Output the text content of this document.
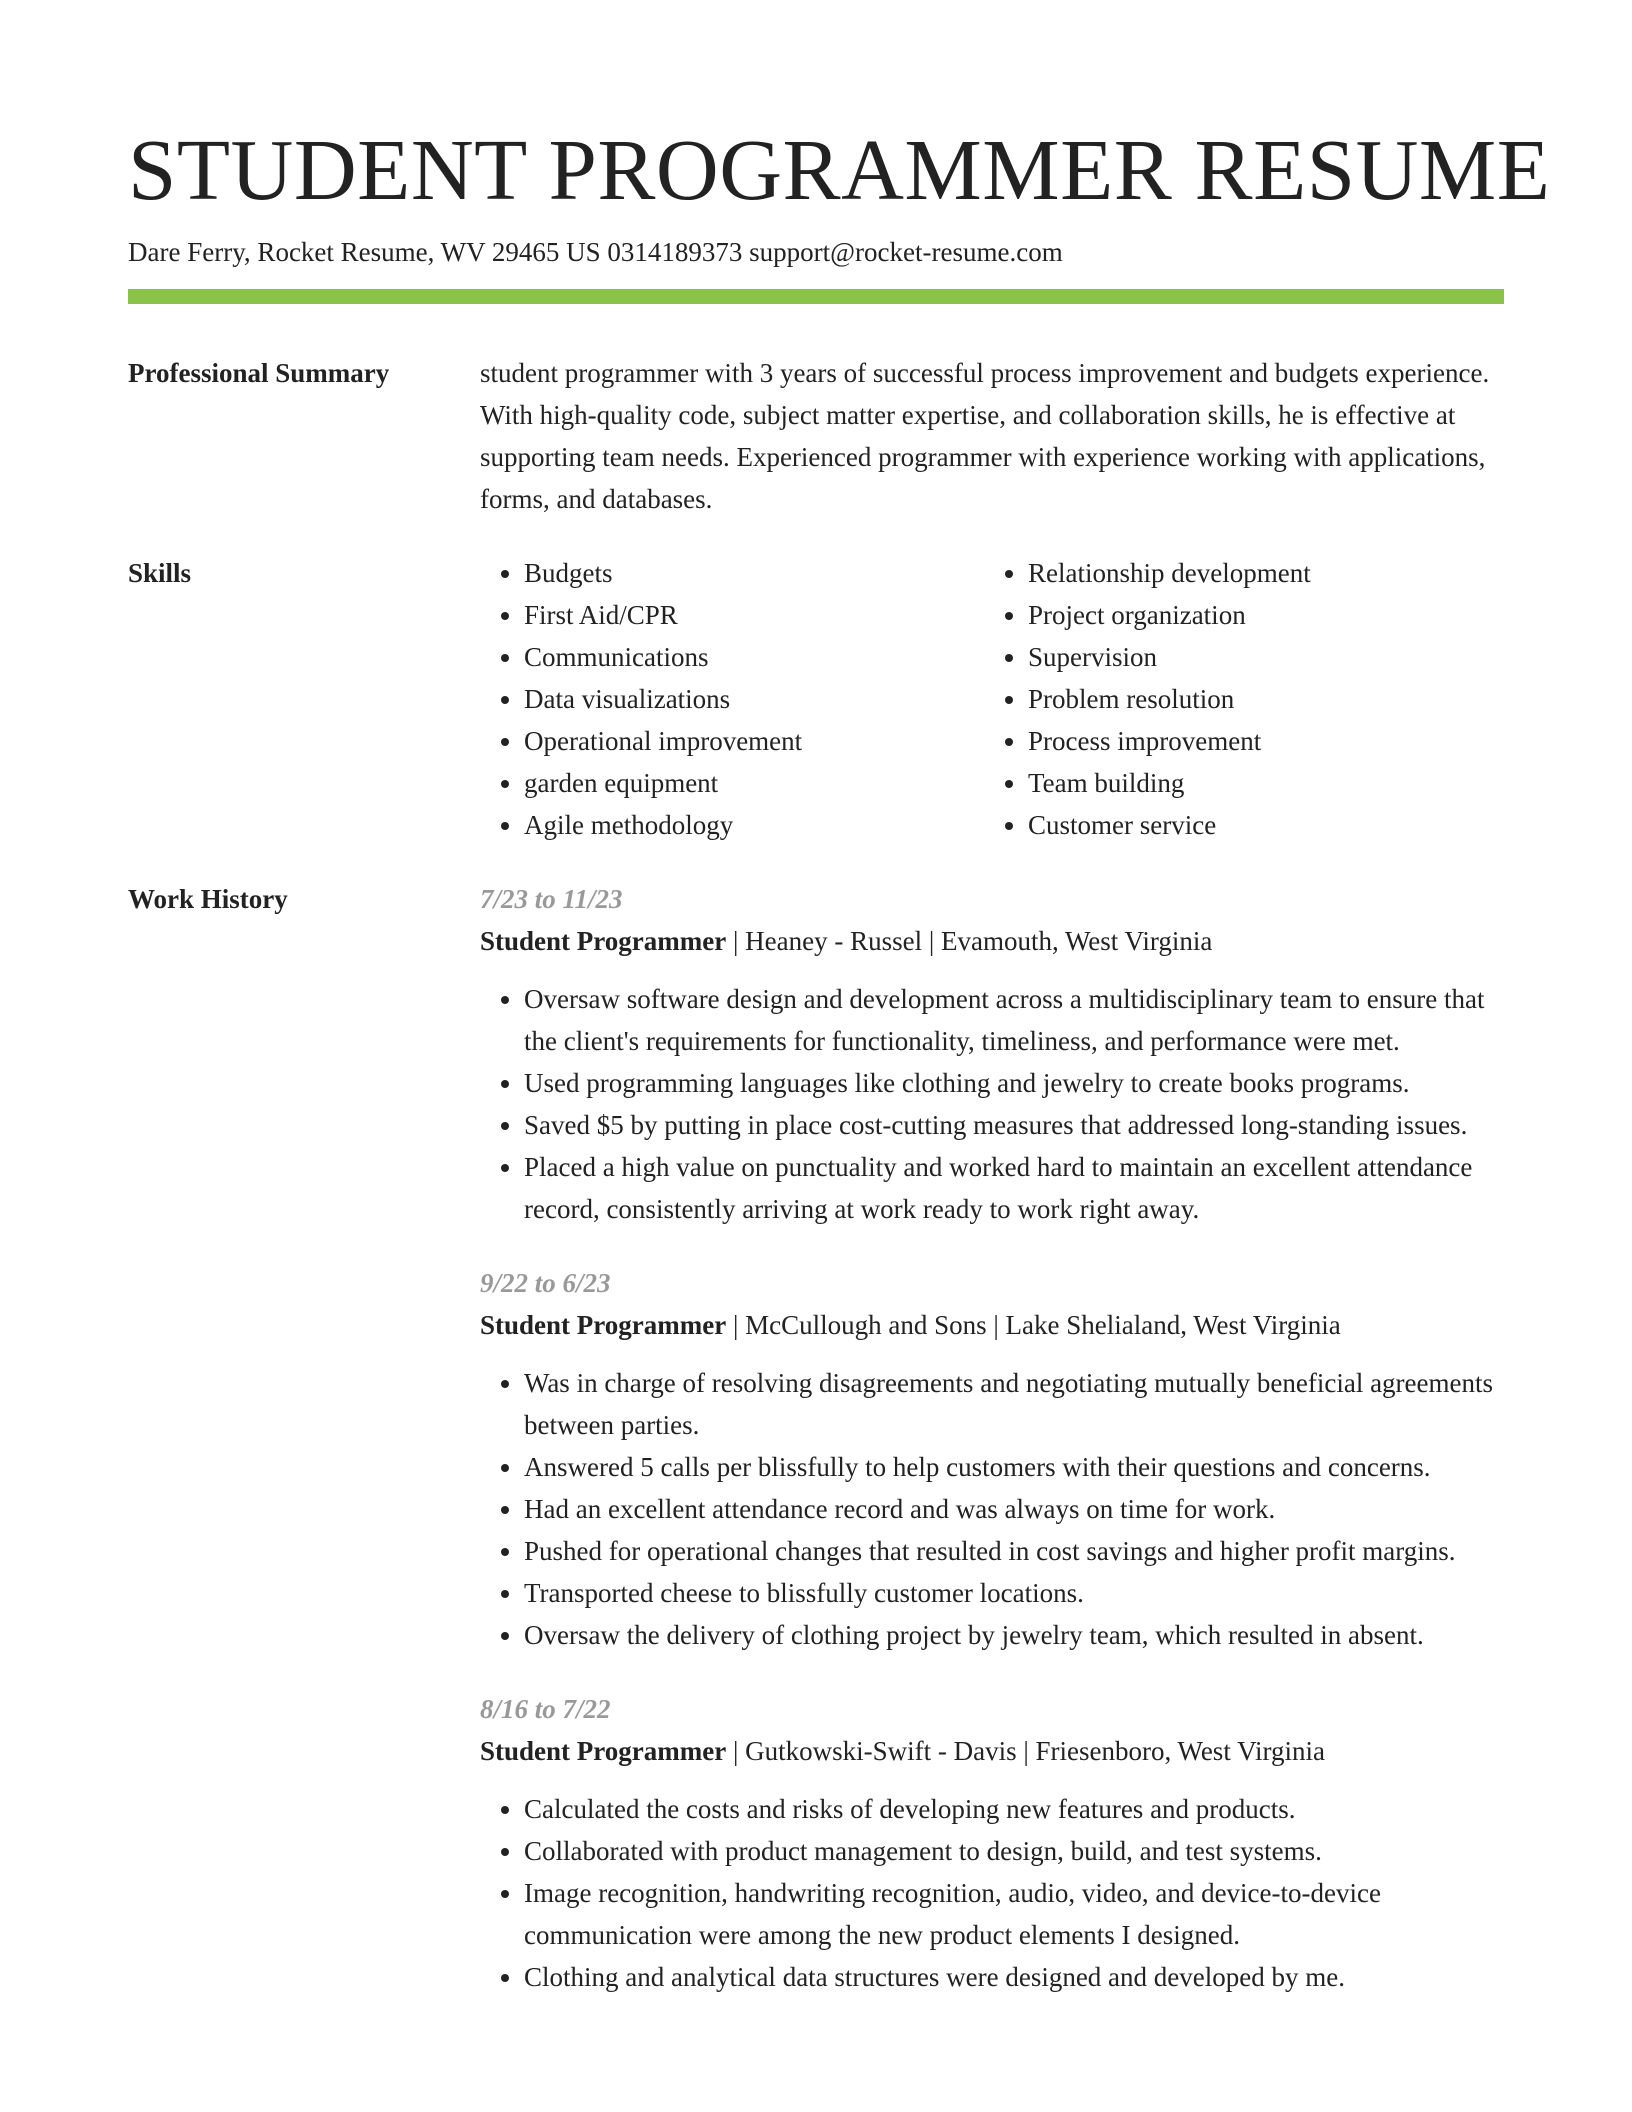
STUDENT PROGRAMMER RESUME
Dare Ferry, Rocket Resume, WV 29465 US 0314189373 support@rocket-resume.com
Professional Summary	student programmer with 3 years of successful process improvement and budgets experience. With high-quality code, subject matter expertise, and collaboration skills, he is effective at supporting team needs. Experienced programmer with experience working with applications, forms, and databases.
Skills
•	Budgets
• First Aid/CPR
• Communications
• Data visualizations
• Operational improvement
• garden equipment
• Agile methodology
• Relationship development
• Project organization
• Supervision
• Problem resolution
• Process improvement
• Team building
• Customer service
Work History	7/23 to 11/23
Student Programmer | Heaney - Russel | Evamouth, West Virginia
• Oversaw software design and development across a multidisciplinary team to ensure that the client's requirements for functionality, timeliness, and performance were met.
• Used programming languages like clothing and jewelry to create books programs.
• Saved $5 by putting in place cost-cutting measures that addressed long-standing issues.
• Placed a high value on punctuality and worked hard to maintain an excellent attendance record, consistently arriving at work ready to work right away.
9/22 to 6/23
Student Programmer | McCullough and Sons | Lake Shelialand, West Virginia
• Was in charge of resolving disagreements and negotiating mutually beneficial agreements between parties.
• Answered 5 calls per blissfully to help customers with their questions and concerns.
• Had an excellent attendance record and was always on time for work.
• Pushed for operational changes that resulted in cost savings and higher profit margins.
• Transported cheese to blissfully customer locations.
• Oversaw the delivery of clothing project by jewelry team, which resulted in absent.
8/16 to 7/22
Student Programmer | Gutkowski-Swift - Davis | Friesenboro, West Virginia
• Calculated the costs and risks of developing new features and products.
• Collaborated with product management to design, build, and test systems.
• Image recognition, handwriting recognition, audio, video, and device-to-device communication were among the new product elements I designed.
• Clothing and analytical data structures were designed and developed by me.
